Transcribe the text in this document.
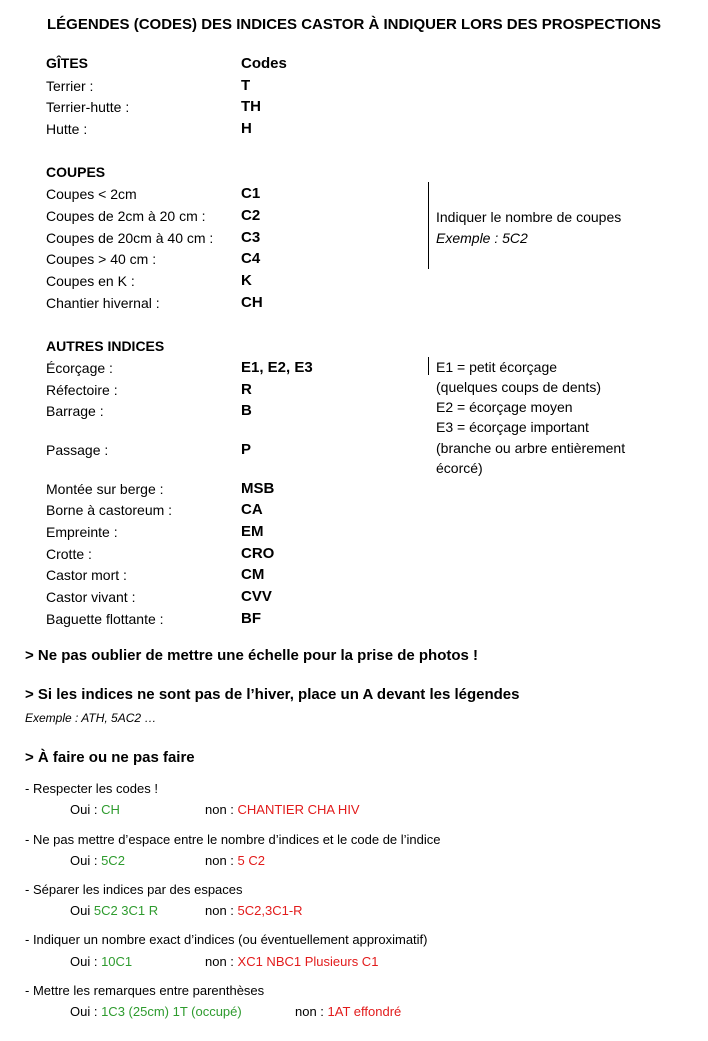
LÉGENDES (CODES) DES INDICES CASTOR À INDIQUER LORS DES PROSPECTIONS
GÎTES	Codes
Terrier :	T
Terrier-hutte :	TH
Hutte :	H
COUPES
Coupes < 2cm	C1
Coupes de 2cm à 20 cm : C2
Coupes de 20cm à 40 cm : C3
Coupes > 40 cm :	C4
Coupes en K :	K
Chantier hivernal :	CH
Indiquer le nombre de coupes
Exemple : 5C2
AUTRES INDICES
Écorçage :	E1, E2, E3
Réfectoire :	R
Barrage :	B
Passage :	P
Montée sur berge :	MSB
Borne à castoreum :	CA
Empreinte :	EM
Crotte :	CRO
Castor mort :	CM
Castor vivant :	CVV
Baguette flottante :	BF
E1 = petit écorçage
(quelques coups de dents)
E2 = écorçage moyen
E3 = écorçage important
(branche ou arbre entièrement
écorcé)
> Ne pas oublier de mettre une échelle pour la prise de photos !
> Si les indices ne sont pas de l’hiver, place un A devant les légendes
Exemple : ATH, 5AC2 …
> À faire ou ne pas faire
- Respecter les codes !
Oui : CH	non : CHANTIER CHA HIV
- Ne pas mettre d’espace entre le nombre d’indices et le code de l’indice
Oui : 5C2	non : 5 C2
- Séparer les indices par des espaces
Oui 5C2 3C1 R	non : 5C2,3C1-R
- Indiquer un nombre exact d’indices (ou éventuellement approximatif)
Oui : 10C1	non : XC1 NBC1 Plusieurs C1
- Mettre les remarques entre parenthèses
Oui : 1C3 (25cm) 1T (occupé)	non : 1AT effondré
